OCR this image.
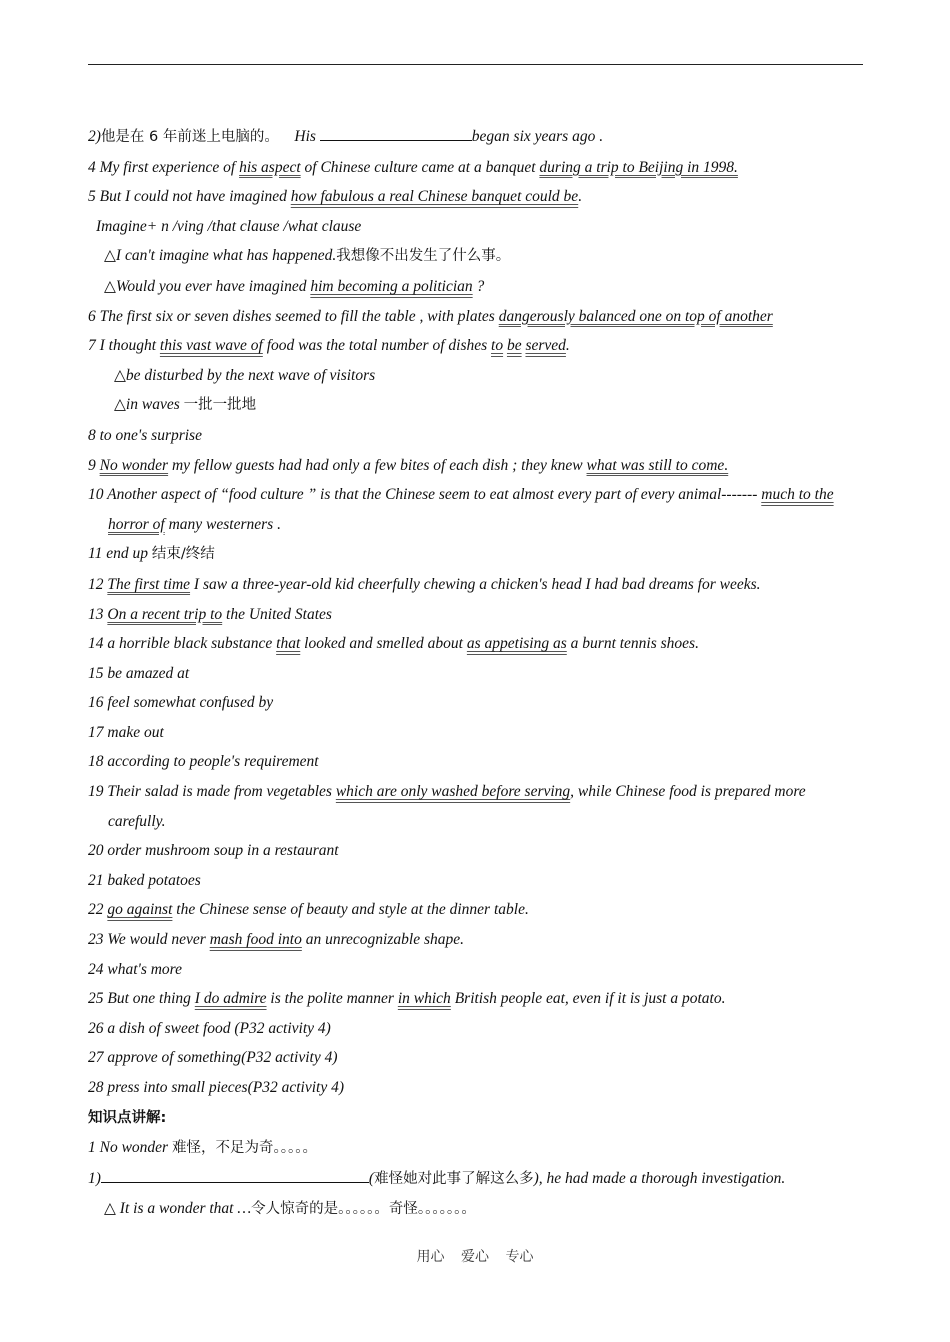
2)他是在 6 年前迷上电脑的。 His	began six years ago .
4 My first experience of his aspect of Chinese culture came at a banquet during a trip to Beijing in 1998.
5 But I could not have imagined how fabulous a real Chinese banquet could be.
Imagine+ n /ving /that clause /what clause
△I can't imagine what has happened.我想像不出发生了什么事。
△Would you ever have imagined him becoming a politician ?
6 The first six or seven dishes seemed to fill the table , with plates dangerously balanced one on top of another
7 I thought this vast wave of food was the total number of dishes to be served.
△be disturbed by the next wave of visitors
△in waves 一批一批地
8 to one's surprise
9 No wonder my fellow guests had had only a few bites of each dish ; they knew what was still to come.
10 Another aspect of “food culture ” is that the Chinese seem to eat almost every part of every animal------- much to the horror of many westerners .
11 end up 结束/终结
12 The first time I saw a three-year-old kid cheerfully chewing a chicken's head I had bad dreams for weeks.
13 On a recent trip to the United States
14 a horrible black substance that looked and smelled about as appetising as a burnt tennis shoes.
15 be amazed at
16 feel somewhat confused by
17 make out
18 according to people's requirement
19 Their salad is made from vegetables which are only washed before serving, while Chinese food is prepared more carefully.
20 order mushroom soup in a restaurant
21 baked potatoes
22 go against the Chinese sense of beauty and style at the dinner table.
23 We would never mash food into an unrecognizable shape.
24 what's more
25 But one thing I do admire is the polite manner in which British people eat, even if it is just a potato.
26 a dish of sweet food (P32 activity 4)
27 approve of something(P32 activity 4)
28 press into small pieces(P32 activity 4)
知识点讲解:
1 No wonder 难怪，不足为奇。。。。。
1)	(难怪她对此事了解这么多), he had made a thorough investigation.
△ It is a wonder that …令人惊奇的是。。。。。。奇怪。。。。。。。
用心 爱心 专心
